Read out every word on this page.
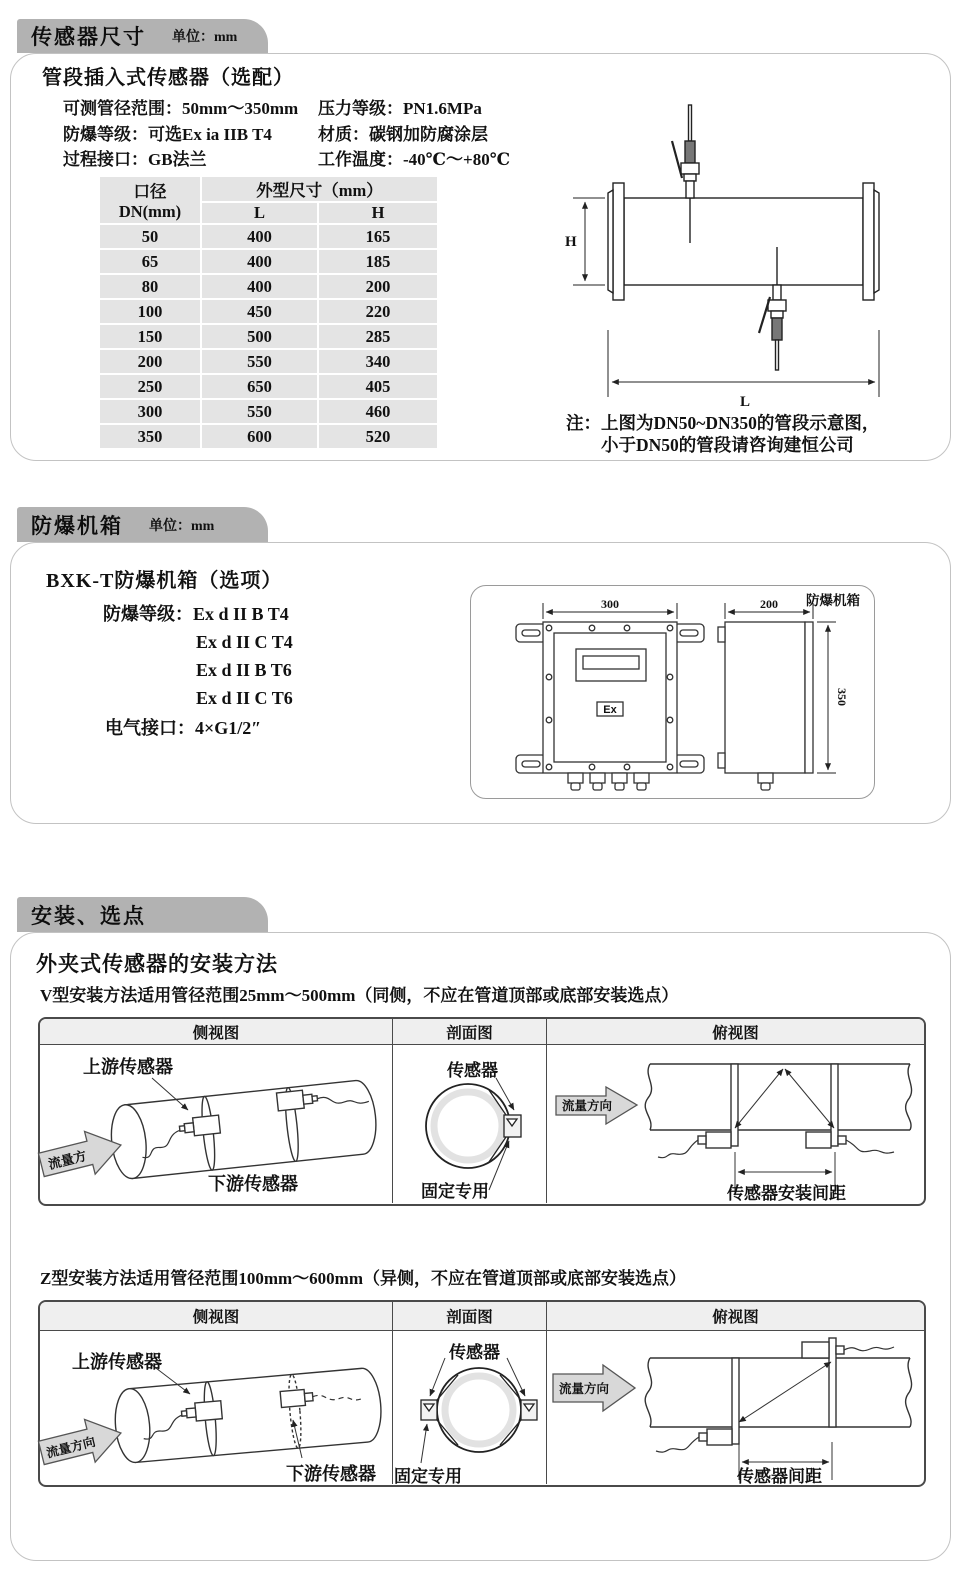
传感器尺寸 单位：mm
管段插入式传感器（选配）
可测管径范围：50mm～350mm
防爆等级：可选Ex ia IIB T4
过程接口：GB法兰
压力等级：PN1.6MPa
材质：碳钢加防腐涂层
工作温度：-40℃～+80℃
口径
DN(mm)	外型尺寸（mm）	
	L	H
50	400	165
65	400	185
80	400	200
100	450	220
150	500	285
200	550	340
250	650	405
300	550	460
350	600	520
H
L
注：上图为DN50~DN350的管段示意图，
小于DN50的管段请咨询建恒公司
防爆机箱 单位：mm
BXK-T防爆机箱（选项）
防爆等级：Ex d II B T4
Ex d II C T4
Ex d II B T6
Ex d II C T6
电气接口：4×G1/2″
防爆机箱
300	200
350
Ex
安装、选点
外夹式传感器的安装方法
V型安装方法适用管径范围25mm～500mm（同侧，不应在管道顶部或底部安装选点）
侧视图	剖面图	俯视图
流量方
上游传感器
下游传感器
传感器
固定专用
流量方向
传感器安装间距
Z型安装方法适用管径范围100mm～600mm（异侧，不应在管道顶部或底部安装选点）
侧视图	剖面图	俯视图
流量方向
上游传感器
下游传感器
传感器
固定专用
流量方向
传感器间距
